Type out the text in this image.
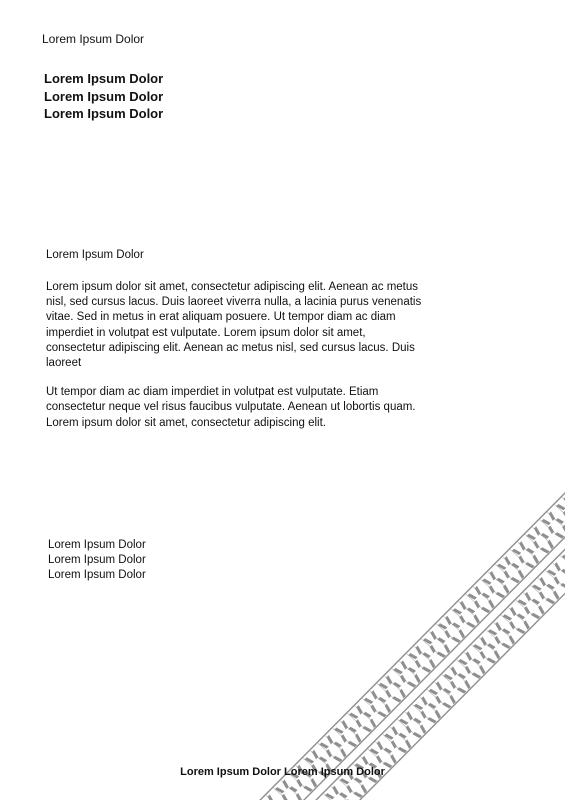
Lorem Ipsum Dolor
Lorem Ipsum Dolor
Lorem Ipsum Dolor
Lorem Ipsum Dolor
Lorem Ipsum Dolor

Lorem ipsum dolor sit amet, consectetur adipiscing elit. Aenean ac metus nisl, sed cursus lacus. Duis laoreet viverra nulla, a lacinia purus venenatis vitae. Sed in metus in erat aliquam posuere. Ut tempor diam ac diam imperdiet in volutpat est vulputate. Lorem ipsum dolor sit amet, consectetur adipiscing elit. Aenean ac metus nisl, sed cursus lacus. Duis laoreet

Ut tempor diam ac diam imperdiet in volutpat est vulputate. Etiam consectetur neque vel risus faucibus vulputate. Aenean ut lobortis quam. Lorem ipsum dolor sit amet, consectetur adipiscing elit.

Lorem Ipsum Dolor
Lorem Ipsum Dolor
Lorem Ipsum Dolor
Lorem Ipsum Dolor Lorem Ipsum Dolor
